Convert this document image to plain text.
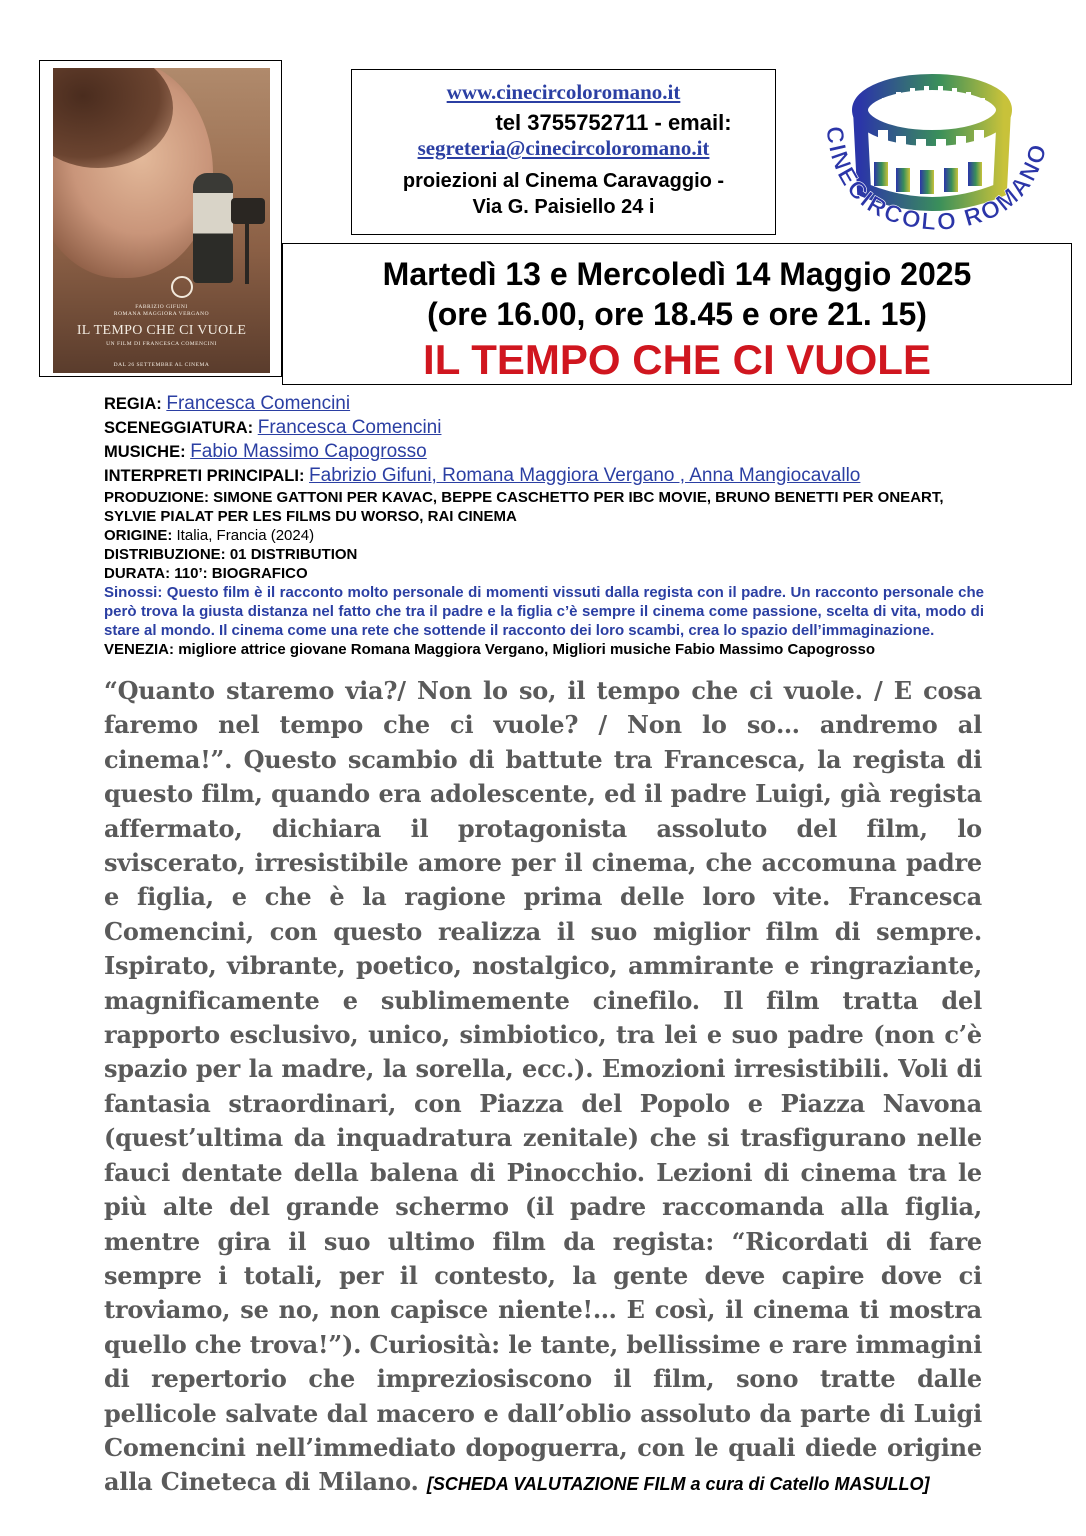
FABRIZIO GIFUNI
ROMANA MAGGIORA VERGANO
IL TEMPO CHE CI VUOLE
UN FILM DI FRANCESCA COMENCINI
DAL 26 SETTEMBRE AL CINEMA
www.cinecircoloromano.it
tel 3755752711 - email:
segreteria@cinecircoloromano.it
proiezioni al Cinema Caravaggio -
Via G. Paisiello 24 i
CINECIRCOLO ROMANO
Martedì 13 e Mercoledì 14 Maggio 2025
(ore 16.00, ore 18.45 e ore 21. 15)
IL TEMPO CHE CI VUOLE
REGIA: Francesca Comencini
SCENEGGIATURA: Francesca Comencini
MUSICHE: Fabio Massimo Capogrosso
INTERPRETI PRINCIPALI: Fabrizio Gifuni, Romana Maggiora Vergano , Anna Mangiocavallo
PRODUZIONE: SIMONE GATTONI PER KAVAC, BEPPE CASCHETTO PER IBC MOVIE, BRUNO BENETTI PER ONEART, SYLVIE PIALAT PER LES FILMS DU WORSO, RAI CINEMA
ORIGINE: Italia, Francia (2024)
DISTRIBUZIONE: 01 DISTRIBUTION
DURATA: 110’: BIOGRAFICO
Sinossi: Questo film è il racconto molto personale di momenti vissuti dalla regista con il padre. Un racconto personale che però trova la giusta distanza nel fatto che tra il padre e la figlia c’è sempre il cinema come passione, scelta di vita, modo di stare al mondo. Il cinema come una rete che sottende il racconto dei loro scambi, crea lo spazio dell’immaginazione.
VENEZIA: migliore attrice giovane Romana Maggiora Vergano, Migliori musiche Fabio Massimo Capogrosso
“Quanto staremo via?/ Non lo so, il tempo che ci vuole. / E cosa faremo nel tempo che ci vuole? / Non lo so… andremo al cinema!”. Questo scambio di battute tra Francesca, la regista di questo film, quando era adolescente, ed il padre Luigi, già regista affermato, dichiara il protagonista assoluto del film, lo sviscerato, irresistibile amore per il cinema, che accomuna padre e figlia, e che è la ragione prima delle loro vite. Francesca Comencini, con questo realizza il suo miglior film di sempre. Ispirato, vibrante, poetico, nostalgico, ammirante e ringraziante, magnificamente e sublimemente cinefilo. Il film tratta del rapporto esclusivo, unico, simbiotico, tra lei e suo padre (non c’è spazio per la madre, la sorella, ecc.). Emozioni irresistibili. Voli di fantasia straordinari, con Piazza del Popolo e Piazza Navona (quest’ultima da inquadratura zenitale) che si trasfigurano nelle fauci dentate della balena di Pinocchio. Lezioni di cinema tra le più alte del grande schermo (il padre raccomanda alla figlia, mentre gira il suo ultimo film da regista: “Ricordati di fare sempre i totali, per il contesto, la gente deve capire dove ci troviamo, se no, non capisce niente!… E così, il cinema ti mostra quello che trova!”). Curiosità: le tante, bellissime e rare immagini di repertorio che impreziosiscono il film, sono tratte dalle pellicole salvate dal macero e dall’oblio assoluto da parte di Luigi Comencini nell’immediato dopoguerra, con le quali diede origine alla Cineteca di Milano. [SCHEDA VALUTAZIONE FILM a cura di Catello MASULLO]
